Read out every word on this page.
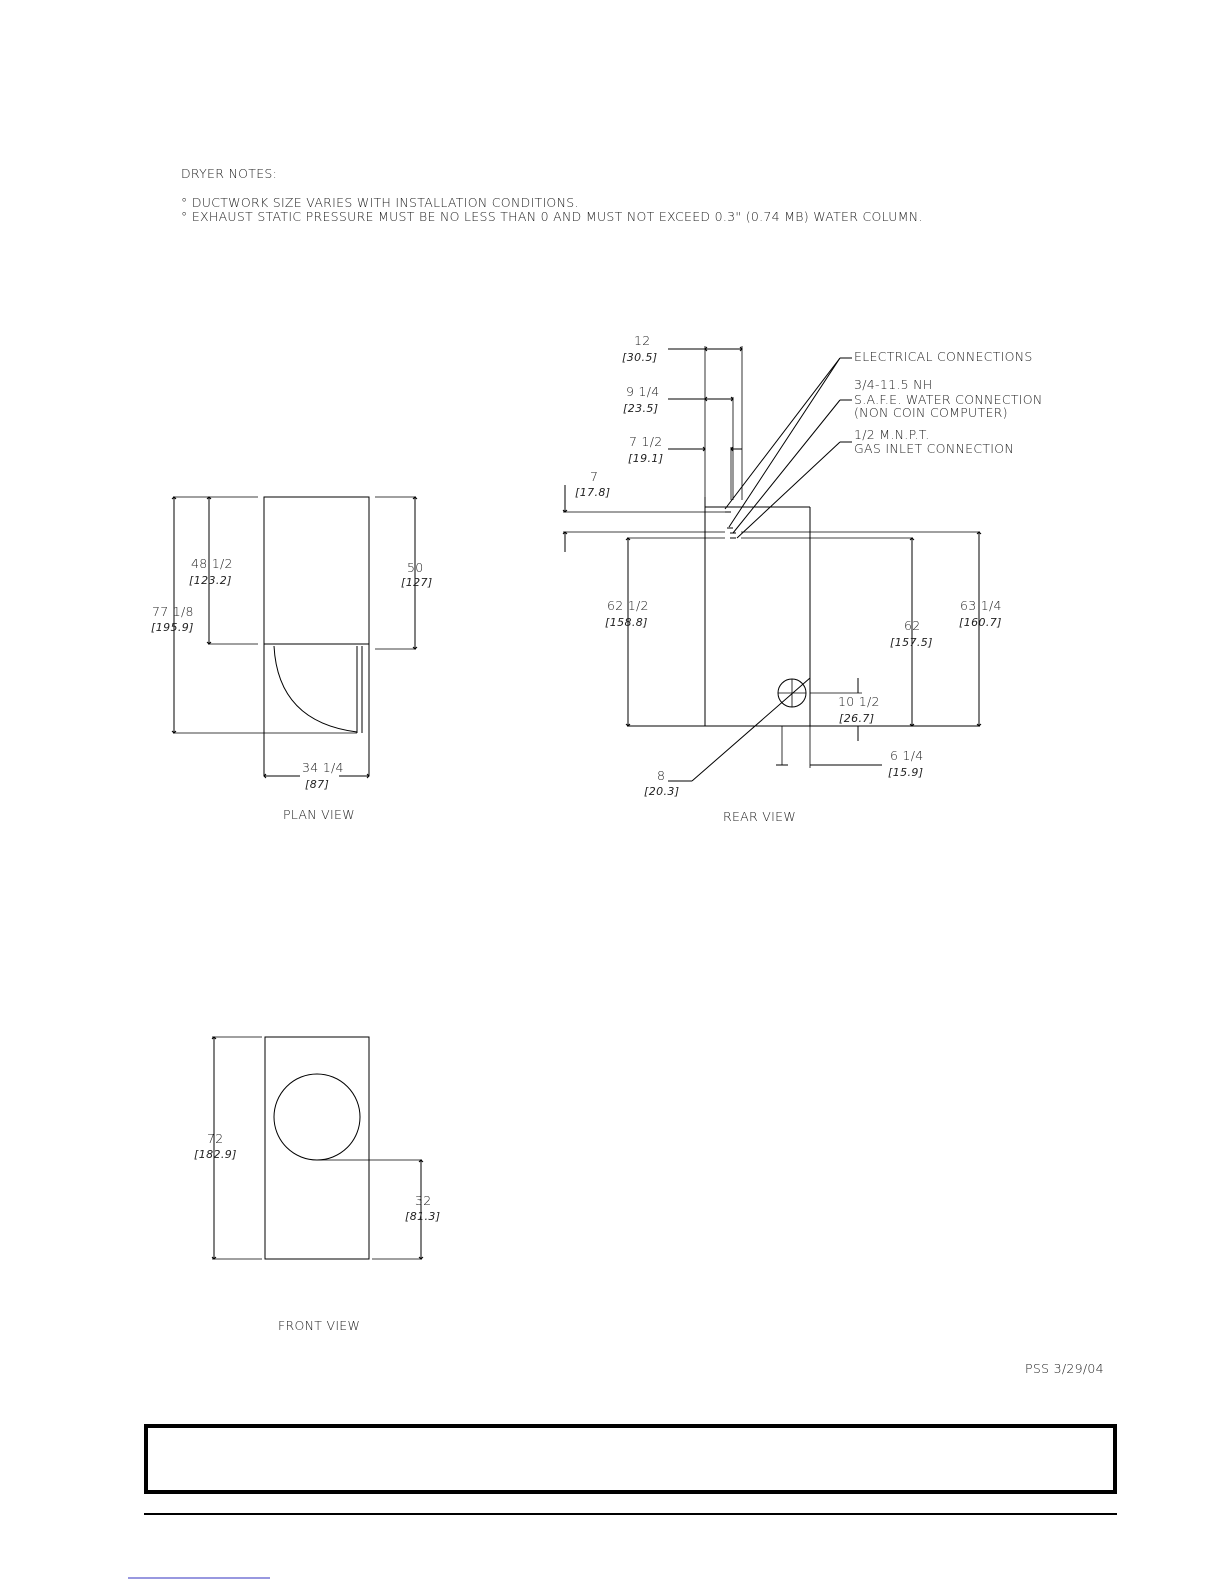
DRYER NOTES:
° DUCTWORK SIZE VARIES WITH INSTALLATION CONDITIONS.
° EXHAUST STATIC PRESSURE MUST BE NO LESS THAN 0 AND MUST NOT EXCEED 0.3" (0.74 MB) WATER COLUMN.
48 1/2
[123.2]
77 1/8
[195.9]
50
[127]
34 1/4
[87]
PLAN VIEW
12
[30.5]
9 1/4
[23.5]
7 1/2
[19.1]
7
[17.8]
62 1/2
[158.8]	62
[157.5]
63 1/4
[160.7]
10 1/2
[26.7]
6 1/4
[15.9]
8
[20.3]
ELECTRICAL CONNECTIONS
3/4-11.5 NH
S.A.F.E. WATER CONNECTION
(NON COIN COMPUTER)
1/2 M.N.P.T.
GAS INLET CONNECTION
REAR VIEW
72
[182.9]
32
[81.3]
FRONT VIEW
PSS 3/29/04
